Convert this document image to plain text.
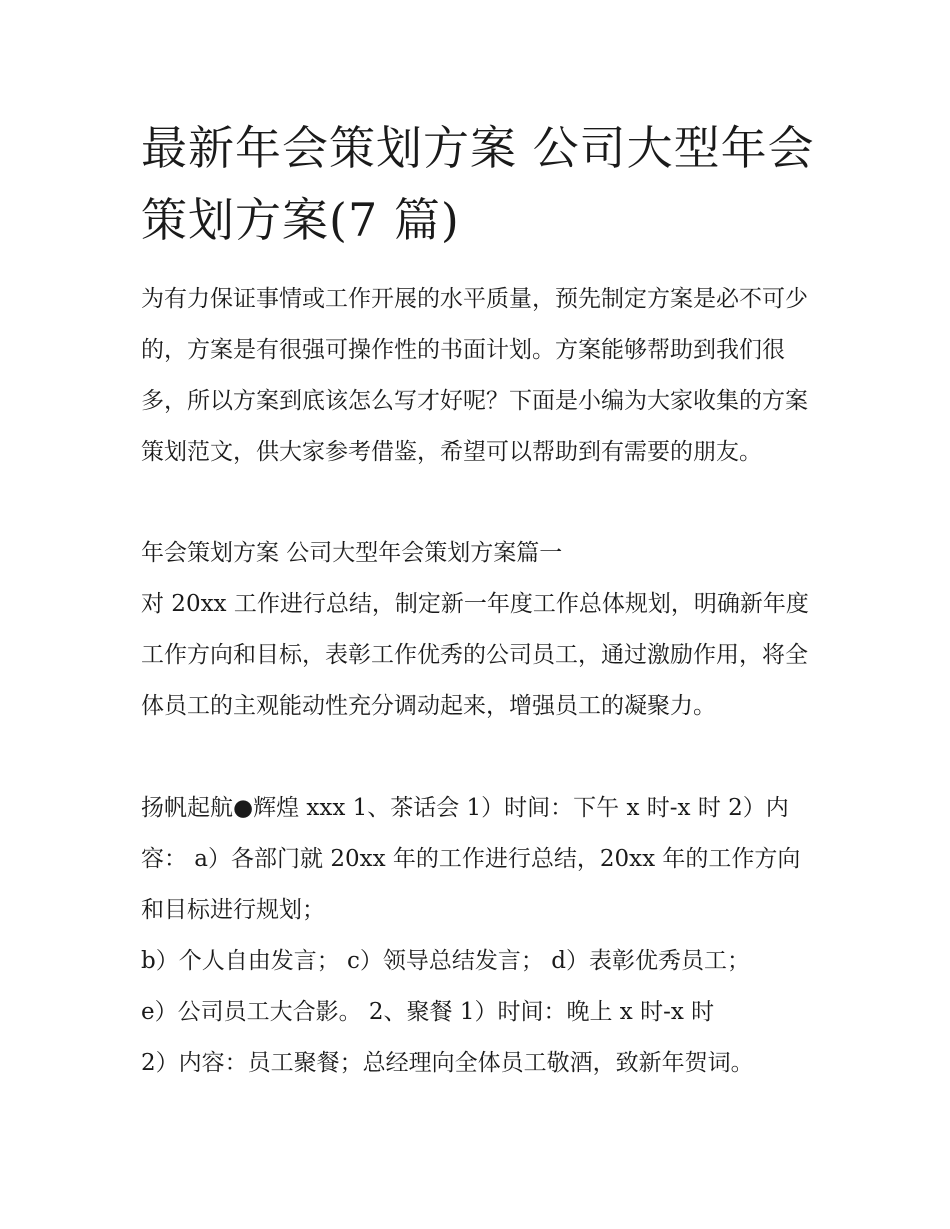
最新年会策划方案 公司大型年会策划方案(7 篇)

为有力保证事情或工作开展的水平质量，预先制定方案是必不可少的，方案是有很强可操作性的书面计划。方案能够帮助到我们很多，所以方案到底该怎么写才好呢？下面是小编为大家收集的方案策划范文，供大家参考借鉴，希望可以帮助到有需要的朋友。

年会策划方案 公司大型年会策划方案篇一

对 20xx 工作进行总结，制定新一年度工作总体规划，明确新年度工作方向和目标，表彰工作优秀的公司员工，通过激励作用，将全体员工的主观能动性充分调动起来，增强员工的凝聚力。

扬帆起航●辉煌 xxx 1、茶话会 1）时间：下午 x 时-x 时 2）内容： a）各部门就 20xx 年的工作进行总结，20xx 年的工作方向和目标进行规划；

b）个人自由发言； c）领导总结发言； d）表彰优秀员工；

e）公司员工大合影。 2、聚餐 1）时间：晚上 x 时-x 时

2）内容：员工聚餐；总经理向全体员工敬酒，致新年贺词。
